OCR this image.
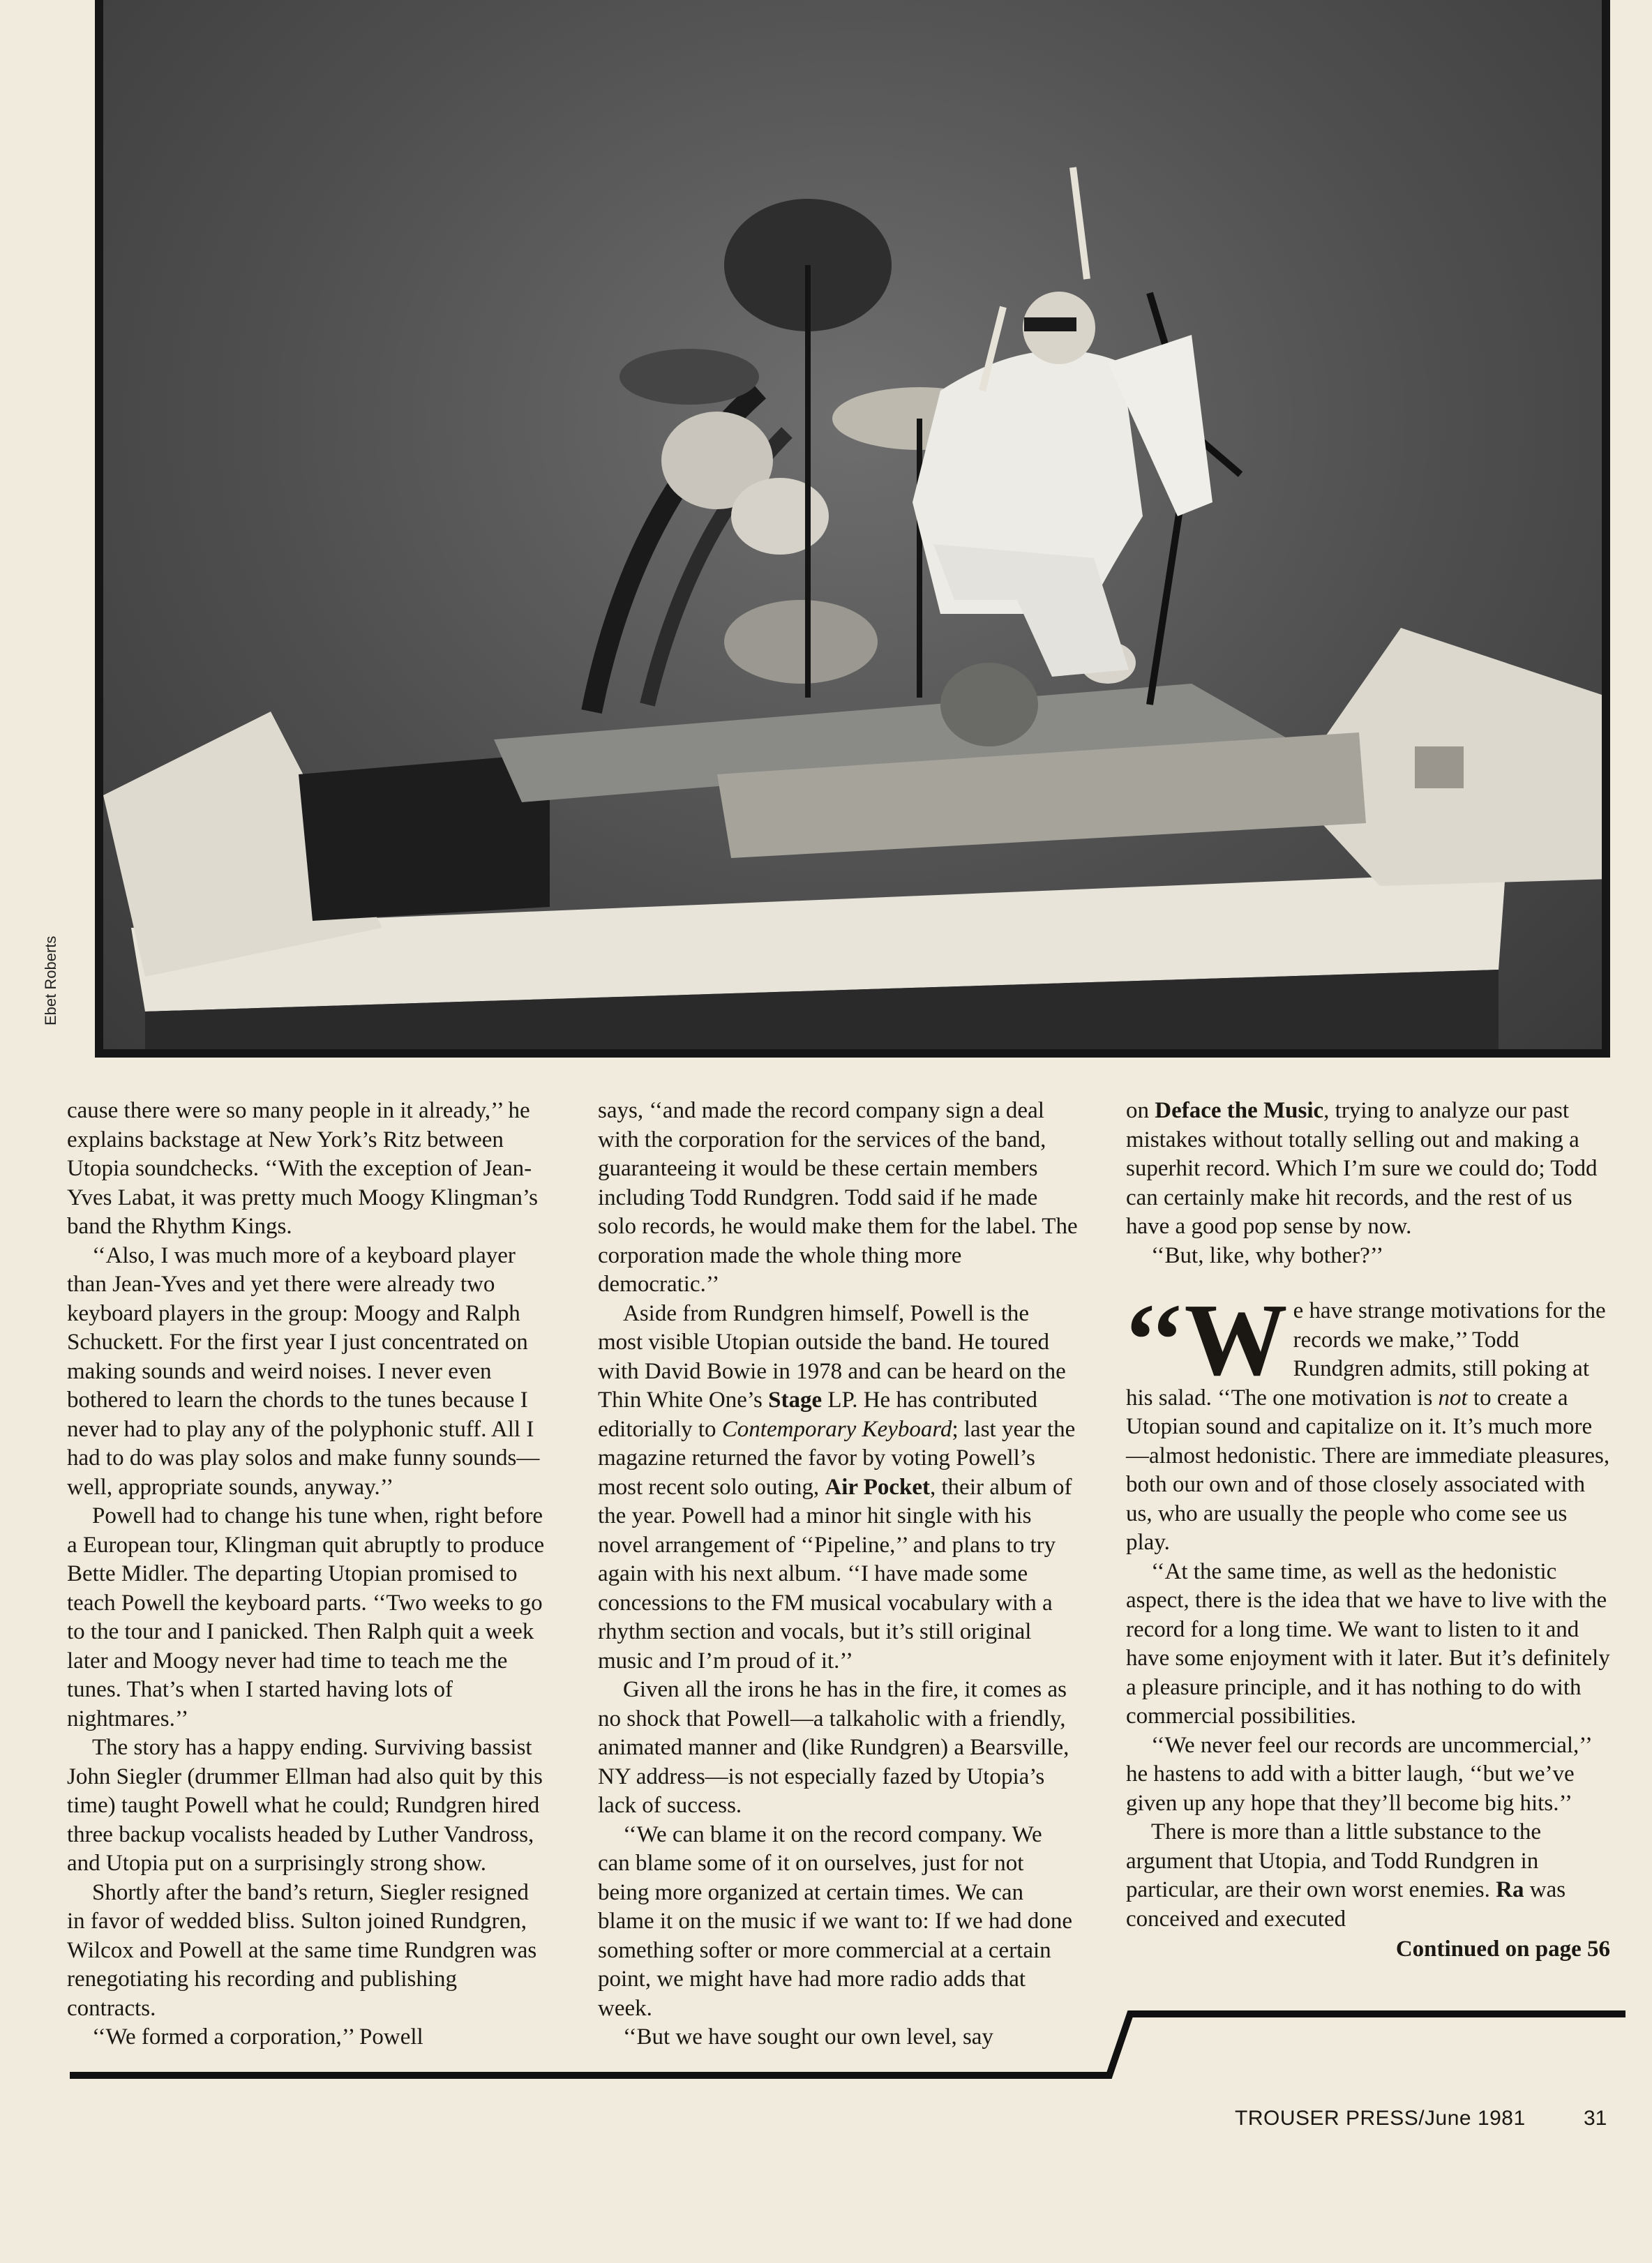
Ebet Roberts

cause there were so many people in it already,’’ he explains backstage at New York’s Ritz between Utopia soundchecks. ‘‘With the exception of Jean-Yves Labat, it was pretty much Moogy Klingman’s band the Rhythm Kings.

‘‘Also, I was much more of a keyboard player than Jean-Yves and yet there were already two keyboard players in the group: Moogy and Ralph Schuckett. For the first year I just concentrated on making sounds and weird noises. I never even bothered to learn the chords to the tunes because I never had to play any of the polyphonic stuff. All I had to do was play solos and make funny sounds—well, appropriate sounds, anyway.’’

Powell had to change his tune when, right before a European tour, Klingman quit abruptly to produce Bette Midler. The departing Utopian promised to teach Powell the keyboard parts. ‘‘Two weeks to go to the tour and I panicked. Then Ralph quit a week later and Moogy never had time to teach me the tunes. That’s when I started having lots of nightmares.’’

The story has a happy ending. Surviving bassist John Siegler (drummer Ellman had also quit by this time) taught Powell what he could; Rundgren hired three backup vocalists headed by Luther Vandross, and Utopia put on a surprisingly strong show.

Shortly after the band’s return, Siegler resigned in favor of wedded bliss. Sulton joined Rundgren, Wilcox and Powell at the same time Rundgren was renegotiating his recording and publishing contracts.

‘‘We formed a corporation,’’ Powell

says, ‘‘and made the record company sign a deal with the corporation for the services of the band, guaranteeing it would be these certain members including Todd Rundgren. Todd said if he made solo records, he would make them for the label. The corporation made the whole thing more democratic.’’

Aside from Rundgren himself, Powell is the most visible Utopian outside the band. He toured with David Bowie in 1978 and can be heard on the Thin White One’s Stage LP. He has contributed editorially to Contemporary Keyboard; last year the magazine returned the favor by voting Powell’s most recent solo outing, Air Pocket, their album of the year. Powell had a minor hit single with his novel arrangement of ‘‘Pipeline,’’ and plans to try again with his next album. ‘‘I have made some concessions to the FM musical vocabulary with a rhythm section and vocals, but it’s still original music and I’m proud of it.’’

Given all the irons he has in the fire, it comes as no shock that Powell—a talkaholic with a friendly, animated manner and (like Rundgren) a Bearsville, NY address—is not especially fazed by Utopia’s lack of success.

‘‘We can blame it on the record company. We can blame some of it on ourselves, just for not being more organized at certain times. We can blame it on the music if we want to: If we had done something softer or more commercial at a certain point, we might have had more radio adds that week.

‘‘But we have sought our own level, say

on Deface the Music, trying to analyze our past mistakes without totally selling out and making a superhit record. Which I’m sure we could do; Todd can certainly make hit records, and the rest of us have a good pop sense by now.

‘‘But, like, why bother?’’

‘‘W e have strange motivations for the records we make,’’ Todd Rundgren admits, still poking at his salad. ‘‘The one motivation is not to create a Utopian sound and capitalize on it. It’s much more—almost hedonistic. There are immediate pleasures, both our own and of those closely associated with us, who are usually the people who come see us play.

‘‘At the same time, as well as the hedonistic aspect, there is the idea that we have to live with the record for a long time. We want to listen to it and have some enjoyment with it later. But it’s definitely a pleasure principle, and it has nothing to do with commercial possibilities.

‘‘We never feel our records are uncommercial,’’ he hastens to add with a bitter laugh, ‘‘but we’ve given up any hope that they’ll become big hits.’’

There is more than a little substance to the argument that Utopia, and Todd Rundgren in particular, are their own worst enemies. Ra was conceived and executed

Continued on page 56
TROUSER PRESS/June 1981	31
